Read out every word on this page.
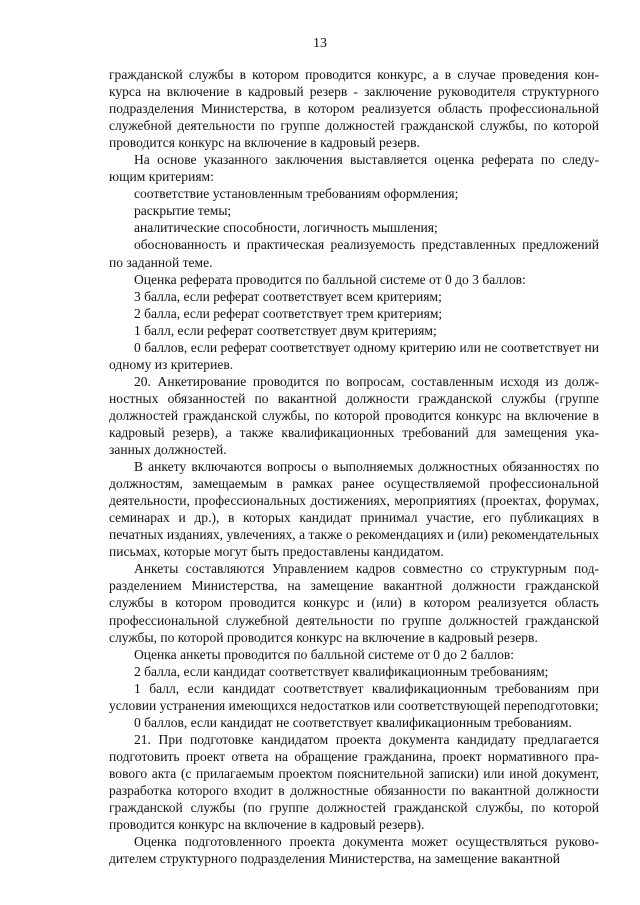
13

гражданской службы в котором проводится конкурс, а в случае проведения конкурса на включение в кадровый резерв - заключение руководителя структурного подразделения Министерства, в котором реализуется область профессиональной служебной деятельности по группе должностей гражданской службы, по которой проводится конкурс на включение в кадровый резерв.

На основе указанного заключения выставляется оценка реферата по следующим критериям:

соответствие установленным требованиям оформления;

раскрытие темы;

аналитические способности, логичность мышления;

обоснованность и практическая реализуемость представленных предложений по заданной теме.

Оценка реферата проводится по балльной системе от 0 до 3 баллов:

3 балла, если реферат соответствует всем критериям;

2 балла, если реферат соответствует трем критериям;

1 балл, если реферат соответствует двум критериям;

0 баллов, если реферат соответствует одному критерию или не соответствует ни одному из критериев.

20. Анкетирование проводится по вопросам, составленным исходя из должностных обязанностей по вакантной должности гражданской службы (группе должностей гражданской службы, по которой проводится конкурс на включение в кадровый резерв), а также квалификационных требований для замещения указанных должностей.

В анкету включаются вопросы о выполняемых должностных обязанностях по должностям, замещаемым в рамках ранее осуществляемой профессиональной деятельности, профессиональных достижениях, мероприятиях (проектах, форумах, семинарах и др.), в которых кандидат принимал участие, его публикациях в печатных изданиях, увлечениях, а также о рекомендациях и (или) рекомендательных письмах, которые могут быть предоставлены кандидатом.

Анкеты составляются Управлением кадров совместно со структурным подразделением Министерства, на замещение вакантной должности гражданской службы в котором проводится конкурс и (или) в котором реализуется область профессиональной служебной деятельности по группе должностей гражданской службы, по которой проводится конкурс на включение в кадровый резерв.

Оценка анкеты проводится по балльной системе от 0 до 2 баллов:

2 балла, если кандидат соответствует квалификационным требованиям;

1 балл, если кандидат соответствует квалификационным требованиям при условии устранения имеющихся недостатков или соответствующей переподготовки;

0 баллов, если кандидат не соответствует квалификационным требованиям.

21. При подготовке кандидатом проекта документа кандидату предлагается подготовить проект ответа на обращение гражданина, проект нормативного правового акта (с прилагаемым проектом пояснительной записки) или иной документ, разработка которого входит в должностные обязанности по вакантной должности гражданской службы (по группе должностей гражданской службы, по которой проводится конкурс на включение в кадровый резерв).

Оценка подготовленного проекта документа может осуществляться руководителем структурного подразделения Министерства, на замещение вакантной
